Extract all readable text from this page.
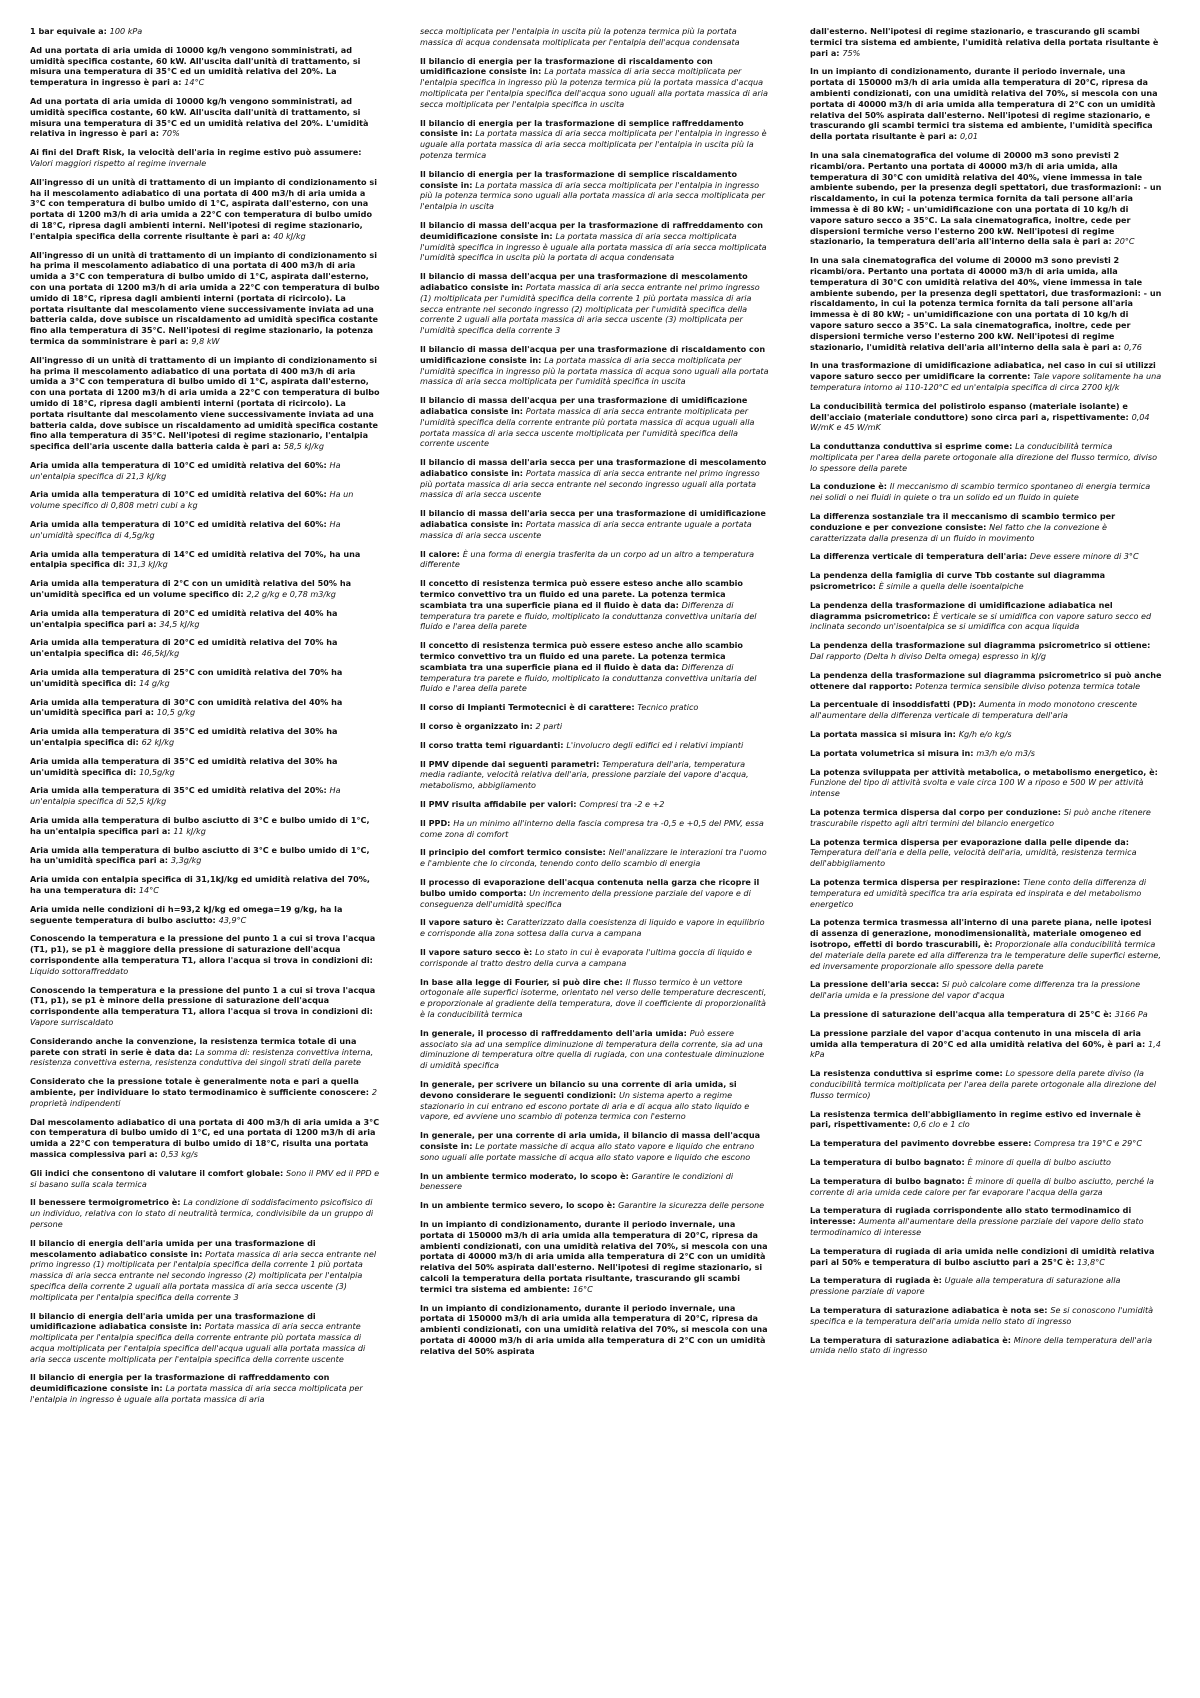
1 bar equivale a: 100 kPa
Ad una portata di aria umida di 10000 kg/h vengono somministrati, ad umidità specifica costante, 60 kW. All'uscita dall'unità di trattamento, si misura una temperatura di 35°C ed un umidità relativa del 20%. La temperatura in ingresso è pari a: 14°C
Ad una portata di aria umida di 10000 kg/h vengono somministrati, ad umidità specifica costante, 60 kW. All'uscita dall'unità di trattamento, si misura una temperatura di 35°C ed un umidità relativa del 20%. L'umidità relativa in ingresso è pari a: 70%
Ai fini del Draft Risk, la velocità dell'aria in regime estivo può assumere: Valori maggiori rispetto al regime invernale
All'ingresso di un unità di trattamento di un impianto di condizionamento si ha il mescolamento adiabatico di una portata di 400 m3/h di aria umida a 3°C con temperatura di bulbo umido di 1°C, aspirata dall'esterno, con una portata di 1200 m3/h di aria umida a 22°C con temperatura di bulbo umido di 18°C, ripresa dagli ambienti interni. Nell'ipotesi di regime stazionario, l'entalpia specifica della corrente risultante è pari a: 40 kJ/kg
All'ingresso di un unità di trattamento di un impianto di condizionamento si ha prima il mescolamento adiabatico di una portata di 400 m3/h di aria umida a 3°C con temperatura di bulbo umido di 1°C, aspirata dall'esterno, con una portata di 1200 m3/h di aria umida a 22°C con temperatura di bulbo umido di 18°C, ripresa dagli ambienti interni (portata di ricircolo). La portata risultante dal mescolamento viene successivamente inviata ad una batteria calda, dove subisce un riscaldamento ad umidità specifica costante fino alla temperatura di 35°C. Nell'ipotesi di regime stazionario, la potenza termica da somministrare è pari a: 9,8 kW
All'ingresso di un unità di trattamento di un impianto di condizionamento si ha prima il mescolamento adiabatico di una portata di 400 m3/h di aria umida a 3°C con temperatura di bulbo umido di 1°C, aspirata dall'esterno, con una portata di 1200 m3/h di aria umida a 22°C con temperatura di bulbo umido di 18°C, ripresa dagli ambienti interni (portata di ricircolo). La portata risultante dal mescolamento viene successivamente inviata ad una batteria calda, dove subisce un riscaldamento ad umidità specifica costante fino alla temperatura di 35°C. Nell'ipotesi di regime stazionario, l'entalpia specifica dell'aria uscente dalla batteria calda è pari a: 58,5 kJ/kg
Aria umida alla temperatura di 10°C ed umidità relativa del 60%: Ha un'entalpia specifica di 21,3 kJ/kg
Aria umida alla temperatura di 10°C ed umidità relativa del 60%: Ha un volume specifico di 0,808 metri cubi a kg
Aria umida alla temperatura di 10°C ed umidità relativa del 60%: Ha un'umidità specifica di 4,5g/kg
Aria umida alla temperatura di 14°C ed umidità relativa del 70%, ha una entalpia specifica di: 31,3 kJ/kg
Aria umida alla temperatura di 2°C con un umidità relativa del 50% ha un'umidità specifica ed un volume specifico di: 2,2 g/kg e 0,78 m3/kg
Aria umida alla temperatura di 20°C ed umidità relativa del 40% ha un'entalpia specifica pari a: 34,5 kJ/kg
Aria umida alla temperatura di 20°C ed umidità relativa del 70% ha un'entalpia specifica di: 46,5kJ/kg
Aria umida alla temperatura di 25°C con umidità relativa del 70% ha un'umidità specifica di: 14 g/kg
Aria umida alla temperatura di 30°C con umidità relativa del 40% ha un'umidità specifica pari a: 10,5 g/kg
Aria umida alla temperatura di 35°C ed umidità relativa del 30% ha un'entalpia specifica di: 62 kJ/kg
Aria umida alla temperatura di 35°C ed umidità relativa del 30% ha un'umidità specifica di: 10,5g/kg
Aria umida alla temperatura di 35°C ed umidità relativa del 20%: Ha un'entalpia specifica di 52,5 kJ/kg
Aria umida alla temperatura di bulbo asciutto di 3°C e bulbo umido di 1°C, ha un'entalpia specifica pari a: 11 kJ/kg
Aria umida alla temperatura di bulbo asciutto di 3°C e bulbo umido di 1°C, ha un'umidità specifica pari a: 3,3g/kg
Aria umida con entalpia specifica di 31,1kJ/kg ed umidità relativa del 70%, ha una temperatura di: 14°C
Aria umida nelle condizioni di h=93,2 kJ/kg ed omega=19 g/kg, ha la seguente temperatura di bulbo asciutto: 43,9°C
Conoscendo la temperatura e la pressione del punto 1 a cui si trova l'acqua (T1, p1), se p1 è maggiore della pressione di saturazione dell'acqua corrispondente alla temperatura T1, allora l'acqua si trova in condizioni di: Liquido sottoraffreddato
Conoscendo la temperatura e la pressione del punto 1 a cui si trova l'acqua (T1, p1), se p1 è minore della pressione di saturazione dell'acqua corrispondente alla temperatura T1, allora l'acqua si trova in condizioni di: Vapore surriscaldato
Considerando anche la convenzione, la resistenza termica totale di una parete con strati in serie è data da: La somma di: resistenza convettiva interna, resistenza convettiva esterna, resistenza conduttiva dei singoli strati della parete
Considerato che la pressione totale è generalmente nota e pari a quella ambiente, per individuare lo stato termodinamico è sufficiente conoscere: 2 proprietà indipendenti
Dal mescolamento adiabatico di una portata di 400 m3/h di aria umida a 3°C con temperatura di bulbo umido di 1°C, ed una portata di 1200 m3/h di aria umida a 22°C con temperatura di bulbo umido di 18°C, risulta una portata massica complessiva pari a: 0,53 kg/s
Gli indici che consentono di valutare il comfort globale: Sono il PMV ed il PPD e si basano sulla scala termica
Il benessere termoigrometrico è: La condizione di soddisfacimento psicofisico di un individuo, relativa con lo stato di neutralità termica, condivisibile da un gruppo di persone
Il bilancio di energia dell'aria umida per una trasformazione di mescolamento adiabatico consiste in: Portata massica di aria secca entrante nel primo ingresso (1) moltiplicata per l'entalpia specifica della corrente 1 più portata massica di aria secca entrante nel secondo ingresso (2) moltiplicata per l'entalpia specifica della corrente 2 uguali alla portata massica di aria secca uscente (3) moltiplicata per l'entalpia specifica della corrente 3
Il bilancio di energia dell'aria umida per una trasformazione di umidificazione adiabatica consiste in: Portata massica di aria secca entrante moltiplicata per l'entalpia specifica della corrente entrante più portata massica di acqua moltiplicata per l'entalpia specifica dell'acqua uguali alla portata massica di aria secca uscente moltiplicata per l'entalpia specifica della corrente uscente
Il bilancio di energia per la trasformazione di raffreddamento con deumidificazione consiste in: La portata massica di aria secca moltiplicata per l'entalpia in ingresso è uguale alla portata massica di aria
secca moltiplicata per l'entalpia in uscita più la potenza termica più la portata massica di acqua condensata moltiplicata per l'entalpia dell'acqua condensata
Il bilancio di energia per la trasformazione di riscaldamento con umidificazione consiste in: La portata massica di aria secca moltiplicata per l'entalpia specifica in ingresso più la potenza termica più la portata massica d'acqua moltiplicata per l'entalpia specifica dell'acqua sono uguali alla portata massica di aria secca moltiplicata per l'entalpia specifica in uscita
Il bilancio di energia per la trasformazione di semplice raffreddamento consiste in: La portata massica di aria secca moltiplicata per l'entalpia in ingresso è uguale alla portata massica di aria secca moltiplicata per l'entalpia in uscita più la potenza termica
Il bilancio di energia per la trasformazione di semplice riscaldamento consiste in: La portata massica di aria secca moltiplicata per l'entalpia in ingresso più la potenza termica sono uguali alla portata massica di aria secca moltiplicata per l'entalpia in uscita
Il bilancio di massa dell'acqua per la trasformazione di raffreddamento con deumidificazione consiste in: La portata massica di aria secca moltiplicata l'umidità specifica in ingresso è uguale alla portata massica di aria secca moltiplicata l'umidità specifica in uscita più la portata di acqua condensata
Il bilancio di massa dell'acqua per una trasformazione di mescolamento adiabatico consiste in: Portata massica di aria secca entrante nel primo ingresso (1) moltiplicata per l'umidità specifica della corrente 1 più portata massica di aria secca entrante nel secondo ingresso (2) moltiplicata per l'umidità specifica della corrente 2 uguali alla portata massica di aria secca uscente (3) moltiplicata per l'umidità specifica della corrente 3
Il bilancio di massa dell'acqua per una trasformazione di riscaldamento con umidificazione consiste in: La portata massica di aria secca moltiplicata per l'umidità specifica in ingresso più la portata massica di acqua sono uguali alla portata massica di aria secca moltiplicata per l'umidità specifica in uscita
Il bilancio di massa dell'acqua per una trasformazione di umidificazione adiabatica consiste in: Portata massica di aria secca entrante moltiplicata per l'umidità specifica della corrente entrante più portata massica di acqua uguali alla portata massica di aria secca uscente moltiplicata per l'umidità specifica della corrente uscente
Il bilancio di massa dell'aria secca per una trasformazione di mescolamento adiabatico consiste in: Portata massica di aria secca entrante nel primo ingresso più portata massica di aria secca entrante nel secondo ingresso uguali alla portata massica di aria secca uscente
Il bilancio di massa dell'aria secca per una trasformazione di umidificazione adiabatica consiste in: Portata massica di aria secca entrante uguale a portata massica di aria secca uscente
Il calore: È una forma di energia trasferita da un corpo ad un altro a temperatura differente
Il concetto di resistenza termica può essere esteso anche allo scambio termico convettivo tra un fluido ed una parete. La potenza termica scambiata tra una superficie piana ed il fluido è data da: Differenza di temperatura tra parete e fluido, moltiplicato la conduttanza convettiva unitaria del fluido e l'area della parete
Il concetto di resistenza termica può essere esteso anche allo scambio termico convettivo tra un fluido ed una parete. La potenza termica scambiata tra una superficie piana ed il fluido è data da: Differenza di temperatura tra parete e fluido, moltiplicato la conduttanza convettiva unitaria del fluido e l'area della parete
Il corso di Impianti Termotecnici è di carattere: Tecnico pratico
Il corso è organizzato in: 2 parti
Il corso tratta temi riguardanti: L'involucro degli edifici ed i relativi impianti
Il PMV dipende dai seguenti parametri: Temperatura dell'aria, temperatura media radiante, velocità relativa dell'aria, pressione parziale del vapore d'acqua, metabolismo, abbigliamento
Il PMV risulta affidabile per valori: Compresi tra -2 e +2
Il PPD: Ha un minimo all'interno della fascia compresa tra -0,5 e +0,5 del PMV, essa come zona di comfort
Il principio del comfort termico consiste: Nell'analizzare le interazioni tra l'uomo e l'ambiente che lo circonda, tenendo conto dello scambio di energia
Il processo di evaporazione dell'acqua contenuta nella garza che ricopre il bulbo umido comporta: Un incremento della pressione parziale del vapore e di conseguenza dell'umidità specifica
Il vapore saturo è: Caratterizzato dalla coesistenza di liquido e vapore in equilibrio e corrisponde alla zona sottesa dalla curva a campana
Il vapore saturo secco è: Lo stato in cui è evaporata l'ultima goccia di liquido e corrisponde al tratto destro della curva a campana
In base alla legge di Fourier, si può dire che: Il flusso termico è un vettore ortogonale alle superfici isoterme, orientato nel verso delle temperature decrescenti, e proporzionale al gradiente della temperatura, dove il coefficiente di proporzionalità è la conducibilità termica
In generale, il processo di raffreddamento dell'aria umida: Può essere associato sia ad una semplice diminuzione di temperatura della corrente, sia ad una diminuzione di temperatura oltre quella di rugiada, con una contestuale diminuzione di umidità specifica
In generale, per scrivere un bilancio su una corrente di aria umida, si devono considerare le seguenti condizioni: Un sistema aperto a regime stazionario in cui entrano ed escono portate di aria e di acqua allo stato liquido e vapore, ed avviene uno scambio di potenza termica con l'esterno
In generale, per una corrente di aria umida, il bilancio di massa dell'acqua consiste in: Le portate massiche di acqua allo stato vapore e liquido che entrano sono uguali alle portate massiche di acqua allo stato vapore e liquido che escono
In un ambiente termico moderato, lo scopo è: Garantire le condizioni di benessere
In un ambiente termico severo, lo scopo è: Garantire la sicurezza delle persone
In un impianto di condizionamento, durante il periodo invernale, una portata di 150000 m3/h di aria umida alla temperatura di 20°C, ripresa da ambienti condizionati, con una umidità relativa del 70%, si mescola con una portata di 40000 m3/h di aria umida alla temperatura di 2°C con un umidità relativa del 50% aspirata dall'esterno. Nell'ipotesi di regime stazionario, si calcoli la temperatura della portata risultante, trascurando gli scambi termici tra sistema ed ambiente: 16°C
In un impianto di condizionamento, durante il periodo invernale, una portata di 150000 m3/h di aria umida alla temperatura di 20°C, ripresa da ambienti condizionati, con una umidità relativa del 70%, si mescola con una portata di 40000 m3/h di aria umida alla temperatura di 2°C con un umidità relativa del 50% aspirata
dall'esterno. Nell'ipotesi di regime stazionario, e trascurando gli scambi termici tra sistema ed ambiente, l'umidità relativa della portata risultante è pari a: 75%
In un impianto di condizionamento, durante il periodo invernale, una portata di 150000 m3/h di aria umida alla temperatura di 20°C, ripresa da ambienti condizionati, con una umidità relativa del 70%, si mescola con una portata di 40000 m3/h di aria umida alla temperatura di 2°C con un umidità relativa del 50% aspirata dall'esterno. Nell'ipotesi di regime stazionario, e trascurando gli scambi termici tra sistema ed ambiente, l'umidità specifica della portata risultante è pari a: 0,01
In una sala cinematografica del volume di 20000 m3 sono previsti 2 ricambi/ora. Pertanto una portata di 40000 m3/h di aria umida, alla temperatura di 30°C con umidità relativa del 40%, viene immessa in tale ambiente subendo, per la presenza degli spettatori, due trasformazioni: - un riscaldamento, in cui la potenza termica fornita da tali persone all'aria immessa è di 80 kW; - un'umidificazione con una portata di 10 kg/h di vapore saturo secco a 35°C. La sala cinematografica, inoltre, cede per dispersioni termiche verso l'esterno 200 kW. Nell'ipotesi di regime stazionario, la temperatura dell'aria all'interno della sala è pari a: 20°C
In una sala cinematografica del volume di 20000 m3 sono previsti 2 ricambi/ora. Pertanto una portata di 40000 m3/h di aria umida, alla temperatura di 30°C con umidità relativa del 40%, viene immessa in tale ambiente subendo, per la presenza degli spettatori, due trasformazioni: - un riscaldamento, in cui la potenza termica fornita da tali persone all'aria immessa è di 80 kW; - un'umidificazione con una portata di 10 kg/h di vapore saturo secco a 35°C. La sala cinematografica, inoltre, cede per dispersioni termiche verso l'esterno 200 kW. Nell'ipotesi di regime stazionario, l'umidità relativa dell'aria all'interno della sala è pari a: 0,76
In una trasformazione di umidificazione adiabatica, nel caso in cui si utilizzi vapore saturo secco per umidificare la corrente: Tale vapore solitamente ha una temperatura intorno ai 110-120°C ed un'entalpia specifica di circa 2700 kJ/k
La conducibilità termica del polistirolo espanso (materiale isolante) e dell'acciaio (materiale conduttore) sono circa pari a, rispettivamente: 0,04 W/mK e 45 W/mK
La conduttanza conduttiva si esprime come: La conducibilità termica moltiplicata per l'area della parete ortogonale alla direzione del flusso termico, diviso lo spessore della parete
La conduzione è: Il meccanismo di scambio termico spontaneo di energia termica nei solidi o nei fluidi in quiete o tra un solido ed un fluido in quiete
La differenza sostanziale tra il meccanismo di scambio termico per conduzione e per convezione consiste: Nel fatto che la convezione è caratterizzata dalla presenza di un fluido in movimento
La differenza verticale di temperatura dell'aria: Deve essere minore di 3°C
La pendenza della famiglia di curve Tbb costante sul diagramma psicrometrico: È simile a quella delle isoentalpiche
La pendenza della trasformazione di umidificazione adiabatica nel diagramma psicrometrico: È verticale se si umidifica con vapore saturo secco ed inclinata secondo un'isoentalpica se si umidifica con acqua liquida
La pendenza della trasformazione sul diagramma psicrometrico si ottiene: Dal rapporto (Delta h diviso Delta omega) espresso in kJ/g
La pendenza della trasformazione sul diagramma psicrometrico si può anche ottenere dal rapporto: Potenza termica sensibile diviso potenza termica totale
La percentuale di insoddisfatti (PD): Aumenta in modo monotono crescente all'aumentare della differenza verticale di temperatura dell'aria
La portata massica si misura in: Kg/h e/o kg/s
La portata volumetrica si misura in: m3/h e/o m3/s
La potenza sviluppata per attività metabolica, o metabolismo energetico, è: Funzione del tipo di attività svolta e vale circa 100 W a riposo e 500 W per attività intense
La potenza termica dispersa dal corpo per conduzione: Si può anche ritenere trascurabile rispetto agli altri termini del bilancio energetico
La potenza termica dispersa per evaporazione dalla pelle dipende da: Temperatura dell'aria e della pelle, velocità dell'aria, umidità, resistenza termica dell'abbigliamento
La potenza termica dispersa per respirazione: Tiene conto della differenza di temperatura ed umidità specifica tra aria espirata ed inspirata e del metabolismo energetico
La potenza termica trasmessa all'interno di una parete piana, nelle ipotesi di assenza di generazione, monodimensionalità, materiale omogeneo ed isotropo, effetti di bordo trascurabili, è: Proporzionale alla conducibilità termica del materiale della parete ed alla differenza tra le temperature delle superfici esterne, ed inversamente proporzionale allo spessore della parete
La pressione dell'aria secca: Si può calcolare come differenza tra la pressione dell'aria umida e la pressione del vapor d'acqua
La pressione di saturazione dell'acqua alla temperatura di 25°C è: 3166 Pa
La pressione parziale del vapor d'acqua contenuto in una miscela di aria umida alla temperatura di 20°C ed alla umidità relativa del 60%, è pari a: 1,4 kPa
La resistenza conduttiva si esprime come: Lo spessore della parete diviso (la conducibilità termica moltiplicata per l'area della parete ortogonale alla direzione del flusso termico)
La resistenza termica dell'abbigliamento in regime estivo ed invernale è pari, rispettivamente: 0,6 clo e 1 clo
La temperatura del pavimento dovrebbe essere: Compresa tra 19°C e 29°C
La temperatura di bulbo bagnato: È minore di quella di bulbo asciutto
La temperatura di bulbo bagnato: È minore di quella di bulbo asciutto, perché la corrente di aria umida cede calore per far evaporare l'acqua della garza
La temperatura di rugiada corrispondente allo stato termodinamico di interesse: Aumenta all'aumentare della pressione parziale del vapore dello stato termodinamico di interesse
La temperatura di rugiada di aria umida nelle condizioni di umidità relativa pari al 50% e temperatura di bulbo asciutto pari a 25°C è: 13,8°C
La temperatura di rugiada è: Uguale alla temperatura di saturazione alla pressione parziale di vapore
La temperatura di saturazione adiabatica è nota se: Se si conoscono l'umidità specifica e la temperatura dell'aria umida nello stato di ingresso
La temperatura di saturazione adiabatica è: Minore della temperatura dell'aria umida nello stato di ingresso
